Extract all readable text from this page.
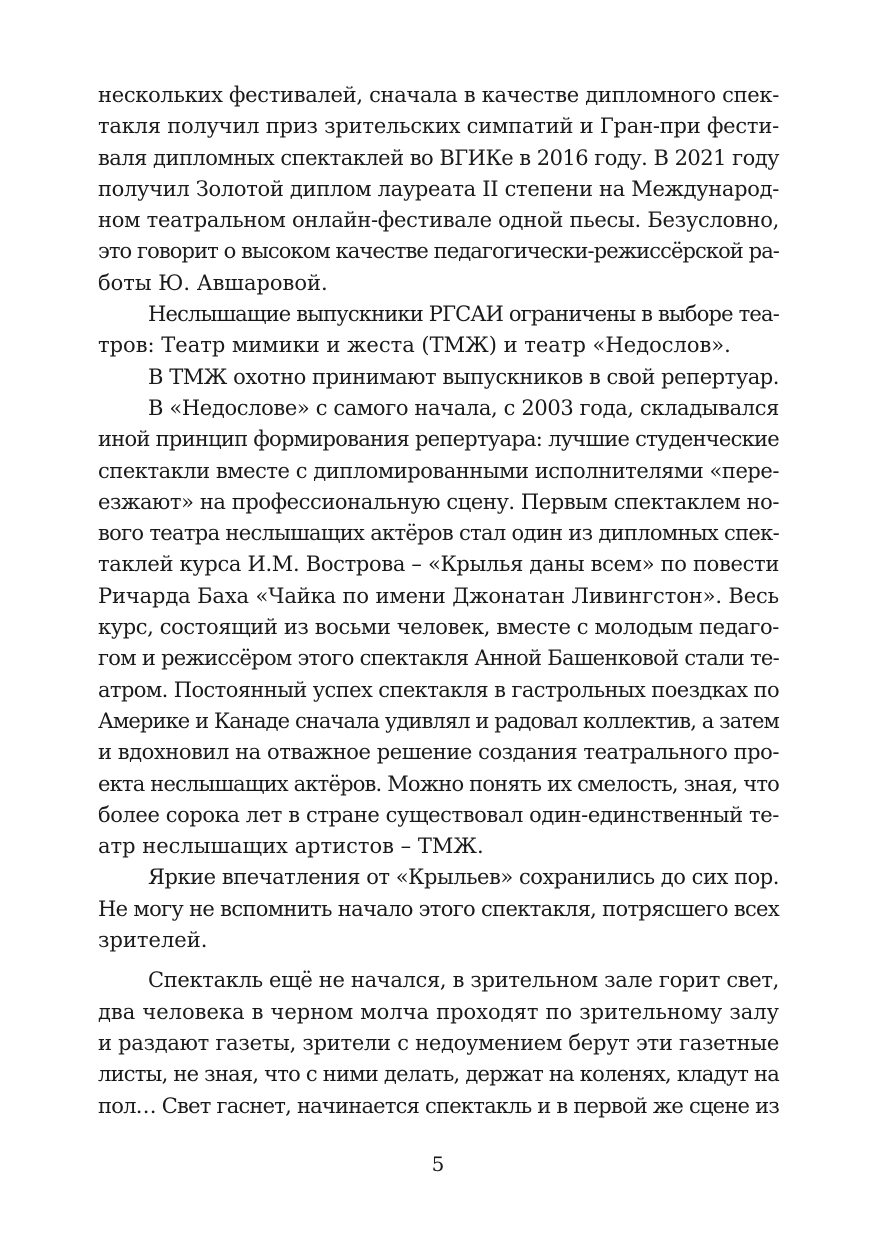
нескольких фестивалей, сначала в качестве дипломного спек-
такля получил приз зрительских симпатий и Гран-при фести-
валя дипломных спектаклей во ВГИКе в 2016 году. В 2021 году
получил Золотой диплом лауреата II степени на Международ-
ном театральном онлайн-фестивале одной пьесы. Безусловно,
это говорит о высоком качестве педагогически-режиссёрской ра-
боты Ю. Авшаровой.
Неслышащие выпускники РГСАИ ограничены в выборе теа-
тров: Театр мимики и жеста (ТМЖ) и театр «Недослов».
В ТМЖ охотно принимают выпускников в свой репертуар.
В «Недослове» с самого начала, с 2003 года, складывался
иной принцип формирования репертуара: лучшие студенческие
спектакли вместе с дипломированными исполнителями «пере-
езжают» на профессиональную сцену. Первым спектаклем но-
вого театра неслышащих актёров стал один из дипломных спек-
таклей курса И.М. Вострова – «Крылья даны всем» по повести
Ричарда Баха «Чайка по имени Джонатан Ливингстон». Весь
курс, состоящий из восьми человек, вместе с молодым педаго-
гом и режиссёром этого спектакля Анной Башенковой стали те-
атром. Постоянный успех спектакля в гастрольных поездках по
Америке и Канаде сначала удивлял и радовал коллектив, а затем
и вдохновил на отважное решение создания театрального про-
екта неслышащих актёров. Можно понять их смелость, зная, что
более сорока лет в стране существовал один-единственный те-
атр неслышащих артистов – ТМЖ.
Яркие впечатления от «Крыльев» сохранились до сих пор.
Не могу не вспомнить начало этого спектакля, потрясшего всех
зрителей.
Спектакль ещё не начался, в зрительном зале горит свет,
два человека в черном молча проходят по зрительному залу
и раздают газеты, зрители с недоумением берут эти газетные
листы, не зная, что с ними делать, держат на коленях, кладут на
пол… Свет гаснет, начинается спектакль и в первой же сцене из
5
